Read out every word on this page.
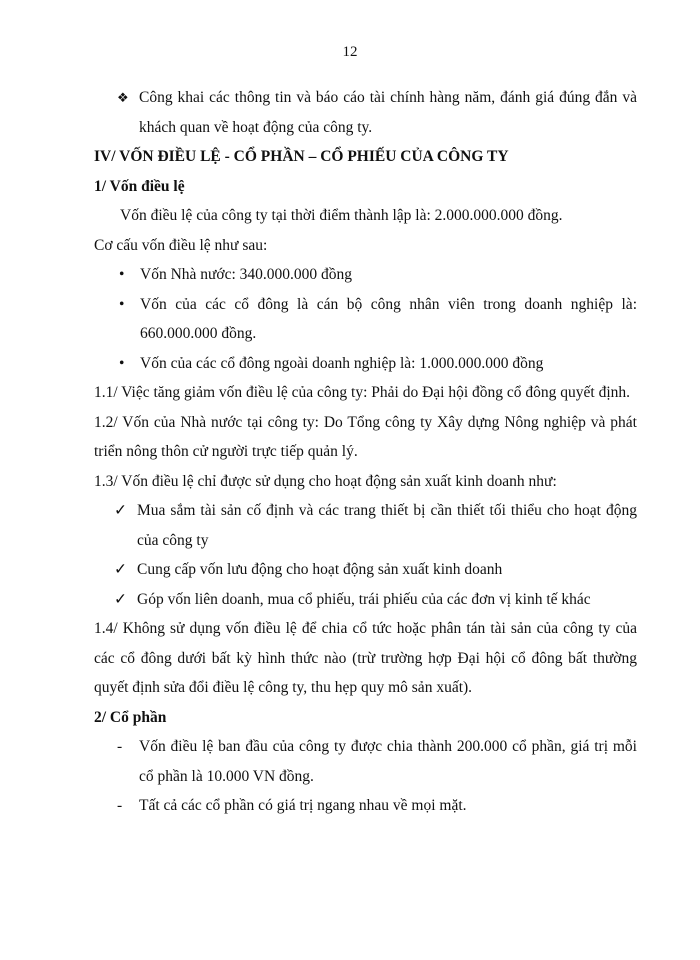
12
❖ Công khai các thông tin và báo cáo tài chính hàng năm, đánh giá đúng đắn và khách quan về hoạt động của công ty.

IV/ VỐN ĐIỀU LỆ - CỔ PHẦN – CỔ PHIẾU CỦA CÔNG TY

1/ Vốn điều lệ

Vốn điều lệ của công ty tại thời điểm thành lập là: 2.000.000.000 đồng.

Cơ cấu vốn điều lệ như sau:

• Vốn Nhà nước: 340.000.000 đồng
• Vốn của các cổ đông là cán bộ công nhân viên trong doanh nghiệp là: 660.000.000 đồng.
• Vốn của các cổ đông ngoài doanh nghiệp là: 1.000.000.000 đồng

1.1/ Việc tăng giảm vốn điều lệ của công ty: Phải do Đại hội đồng cổ đông quyết định.

1.2/ Vốn của Nhà nước tại công ty: Do Tổng công ty Xây dựng Nông nghiệp và phát triển nông thôn cử người trực tiếp quản lý.

1.3/ Vốn điều lệ chỉ được sử dụng cho hoạt động sản xuất kinh doanh như:

✓ Mua sắm tài sản cố định và các trang thiết bị cần thiết tối thiểu cho hoạt động của công ty
✓ Cung cấp vốn lưu động cho hoạt động sản xuất kinh doanh
✓ Góp vốn liên doanh, mua cổ phiếu, trái phiếu của các đơn vị kinh tế khác

1.4/ Không sử dụng vốn điều lệ để chia cổ tức hoặc phân tán tài sản của công ty của các cổ đông dưới bất kỳ hình thức nào (trừ trường hợp Đại hội cổ đông bất thường quyết định sửa đổi điều lệ công ty, thu hẹp quy mô sản xuất).

2/ Cổ phần

- Vốn điều lệ ban đầu của công ty được chia thành 200.000 cổ phần, giá trị mỗi cổ phần là 10.000 VN đồng.
- Tất cả các cổ phần có giá trị ngang nhau về mọi mặt.
